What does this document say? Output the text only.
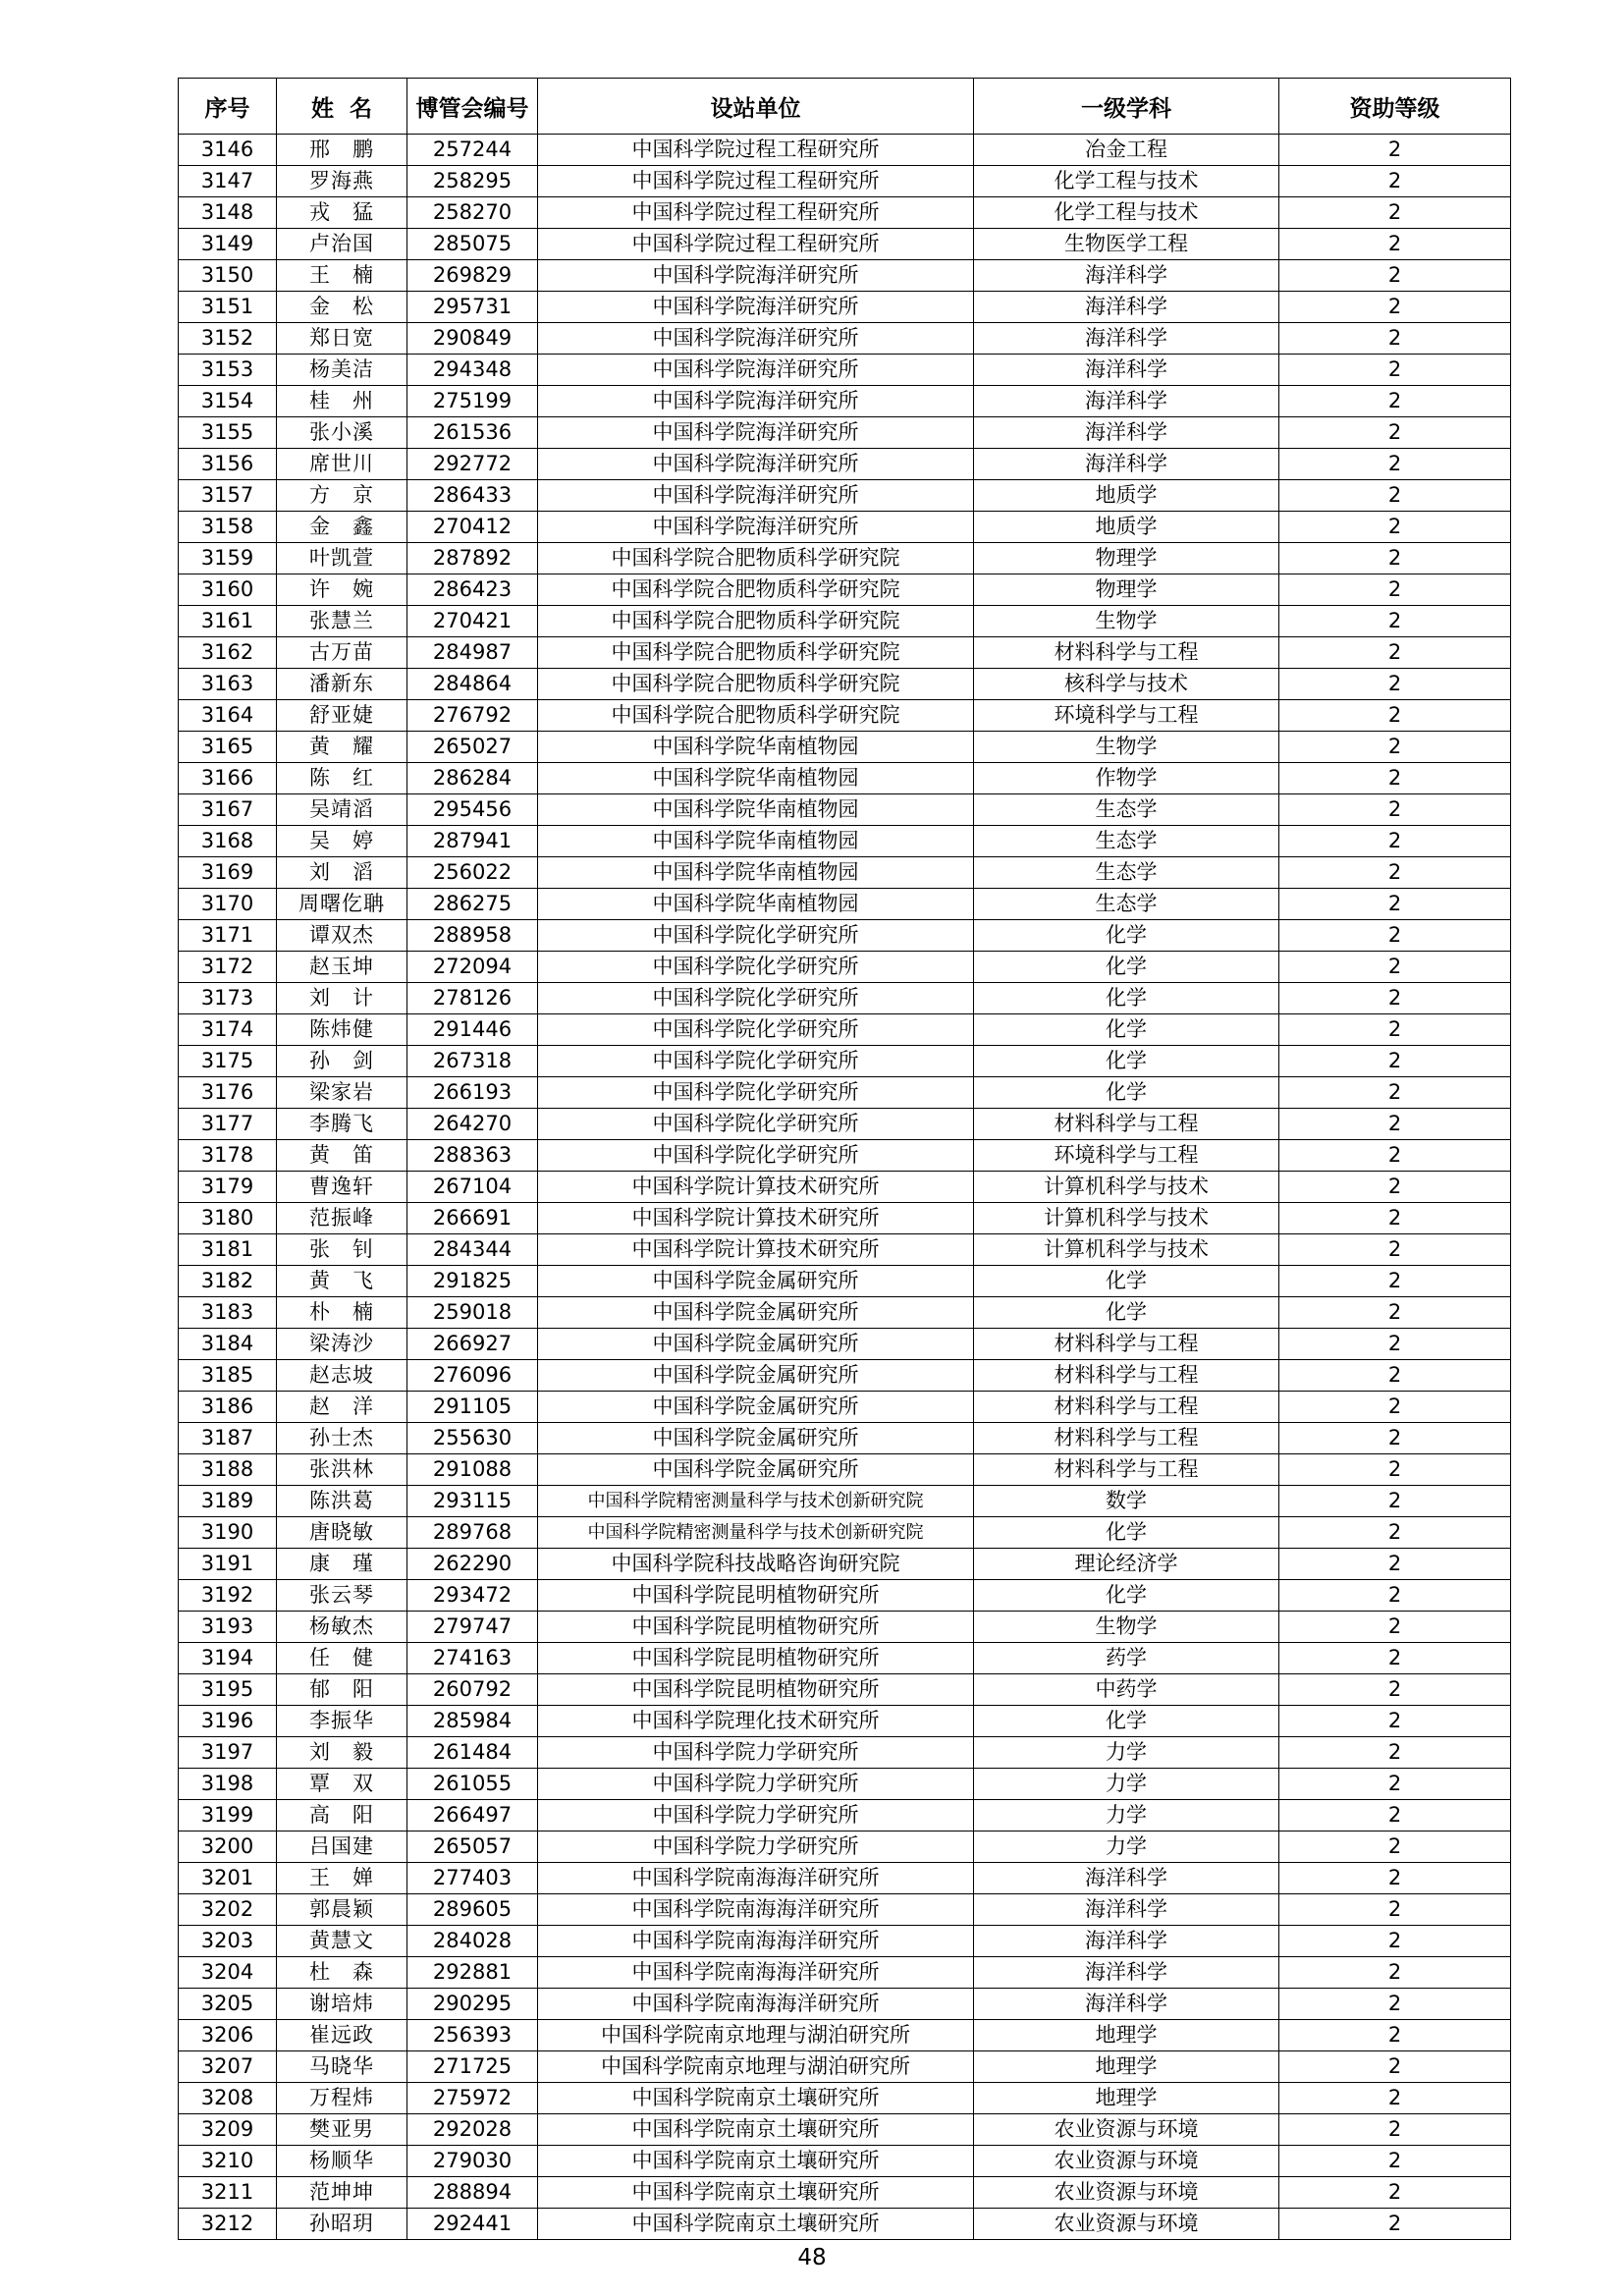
序号	姓  名	博管会编号	设站单位	一级学科	资助等级
3146	邢　鹏	257244	中国科学院过程工程研究所	冶金工程	2
3147	罗海燕	258295	中国科学院过程工程研究所	化学工程与技术	2
3148	戎　猛	258270	中国科学院过程工程研究所	化学工程与技术	2
3149	卢治国	285075	中国科学院过程工程研究所	生物医学工程	2
3150	王　楠	269829	中国科学院海洋研究所	海洋科学	2
3151	金　松	295731	中国科学院海洋研究所	海洋科学	2
3152	郑日宽	290849	中国科学院海洋研究所	海洋科学	2
3153	杨美洁	294348	中国科学院海洋研究所	海洋科学	2
3154	桂　州	275199	中国科学院海洋研究所	海洋科学	2
3155	张小溪	261536	中国科学院海洋研究所	海洋科学	2
3156	席世川	292772	中国科学院海洋研究所	海洋科学	2
3157	方　京	286433	中国科学院海洋研究所	地质学	2
3158	金　鑫	270412	中国科学院海洋研究所	地质学	2
3159	叶凯萱	287892	中国科学院合肥物质科学研究院	物理学	2
3160	许　婉	286423	中国科学院合肥物质科学研究院	物理学	2
3161	张慧兰	270421	中国科学院合肥物质科学研究院	生物学	2
3162	古万苗	284987	中国科学院合肥物质科学研究院	材料科学与工程	2
3163	潘新东	284864	中国科学院合肥物质科学研究院	核科学与技术	2
3164	舒亚婕	276792	中国科学院合肥物质科学研究院	环境科学与工程	2
3165	黄　耀	265027	中国科学院华南植物园	生物学	2
3166	陈　红	286284	中国科学院华南植物园	作物学	2
3167	吴靖滔	295456	中国科学院华南植物园	生态学	2
3168	吴　婷	287941	中国科学院华南植物园	生态学	2
3169	刘　滔	256022	中国科学院华南植物园	生态学	2
3170	周曙仡聃	286275	中国科学院华南植物园	生态学	2
3171	谭双杰	288958	中国科学院化学研究所	化学	2
3172	赵玉坤	272094	中国科学院化学研究所	化学	2
3173	刘　计	278126	中国科学院化学研究所	化学	2
3174	陈炜健	291446	中国科学院化学研究所	化学	2
3175	孙　剑	267318	中国科学院化学研究所	化学	2
3176	梁家岩	266193	中国科学院化学研究所	化学	2
3177	李腾飞	264270	中国科学院化学研究所	材料科学与工程	2
3178	黄　笛	288363	中国科学院化学研究所	环境科学与工程	2
3179	曹逸轩	267104	中国科学院计算技术研究所	计算机科学与技术	2
3180	范振峰	266691	中国科学院计算技术研究所	计算机科学与技术	2
3181	张　钊	284344	中国科学院计算技术研究所	计算机科学与技术	2
3182	黄　飞	291825	中国科学院金属研究所	化学	2
3183	朴　楠	259018	中国科学院金属研究所	化学	2
3184	梁涛沙	266927	中国科学院金属研究所	材料科学与工程	2
3185	赵志坡	276096	中国科学院金属研究所	材料科学与工程	2
3186	赵　洋	291105	中国科学院金属研究所	材料科学与工程	2
3187	孙士杰	255630	中国科学院金属研究所	材料科学与工程	2
3188	张洪林	291088	中国科学院金属研究所	材料科学与工程	2
3189	陈洪葛	293115	中国科学院精密测量科学与技术创新研究院	数学	2
3190	唐晓敏	289768	中国科学院精密测量科学与技术创新研究院	化学	2
3191	康　瑾	262290	中国科学院科技战略咨询研究院	理论经济学	2
3192	张云琴	293472	中国科学院昆明植物研究所	化学	2
3193	杨敏杰	279747	中国科学院昆明植物研究所	生物学	2
3194	任　健	274163	中国科学院昆明植物研究所	药学	2
3195	郁　阳	260792	中国科学院昆明植物研究所	中药学	2
3196	李振华	285984	中国科学院理化技术研究所	化学	2
3197	刘　毅	261484	中国科学院力学研究所	力学	2
3198	覃　双	261055	中国科学院力学研究所	力学	2
3199	高　阳	266497	中国科学院力学研究所	力学	2
3200	吕国建	265057	中国科学院力学研究所	力学	2
3201	王　婵	277403	中国科学院南海海洋研究所	海洋科学	2
3202	郭晨颖	289605	中国科学院南海海洋研究所	海洋科学	2
3203	黄慧文	284028	中国科学院南海海洋研究所	海洋科学	2
3204	杜　森	292881	中国科学院南海海洋研究所	海洋科学	2
3205	谢培炜	290295	中国科学院南海海洋研究所	海洋科学	2
3206	崔远政	256393	中国科学院南京地理与湖泊研究所	地理学	2
3207	马晓华	271725	中国科学院南京地理与湖泊研究所	地理学	2
3208	万程炜	275972	中国科学院南京土壤研究所	地理学	2
3209	樊亚男	292028	中国科学院南京土壤研究所	农业资源与环境	2
3210	杨顺华	279030	中国科学院南京土壤研究所	农业资源与环境	2
3211	范坤坤	288894	中国科学院南京土壤研究所	农业资源与环境	2
3212	孙昭玥	292441	中国科学院南京土壤研究所	农业资源与环境	2
48
